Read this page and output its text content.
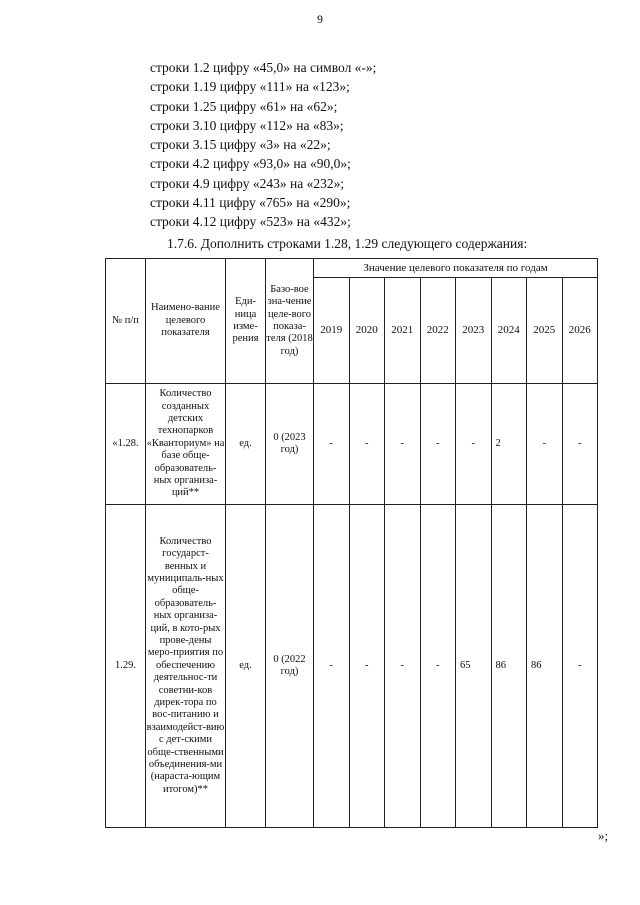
9
строки 1.2 цифру «45,0» на символ «-»;
строки 1.19 цифру «111» на «123»;
строки 1.25 цифру «61» на «62»;
строки 3.10 цифру «112» на «83»;
строки 3.15 цифру «3» на «22»;
строки 4.2 цифру «93,0» на «90,0»;
строки 4.9 цифру «243» на «232»;
строки 4.11 цифру «765» на «290»;
строки 4.12 цифру «523» на «432»;
1.7.6. Дополнить строками 1.28, 1.29 следующего содержания:
№ п/п	Наимено-вание целевого показателя	Еди-ница изме-рения	Базо-вое зна-чение целе-вого показа-теля (2018 год)	Значение целевого показателя по годам							
				2019	2020	2021	2022	2023	2024	2025	2026
«1.28.	Количество созданных детских технопарков «Кванториум» на базе обще-образователь-ных организа-ций**	ед.	0 (2023 год)	-	-	-	-	-	2	-	-
1.29.	Количество государст-венных и муниципаль-ных обще-образователь-ных организа-ций, в кото-рых прове-дены меро-приятия по обеспечению деятельнос-ти советни-ков дирек-тора по вос-питанию и взаимодейст-вию с дет-скими обще-ственными объединения-ми (нараста-ющим итогом)**	ед.	0 (2022 год)	-	-	-	-	65	86	86	-
»;
